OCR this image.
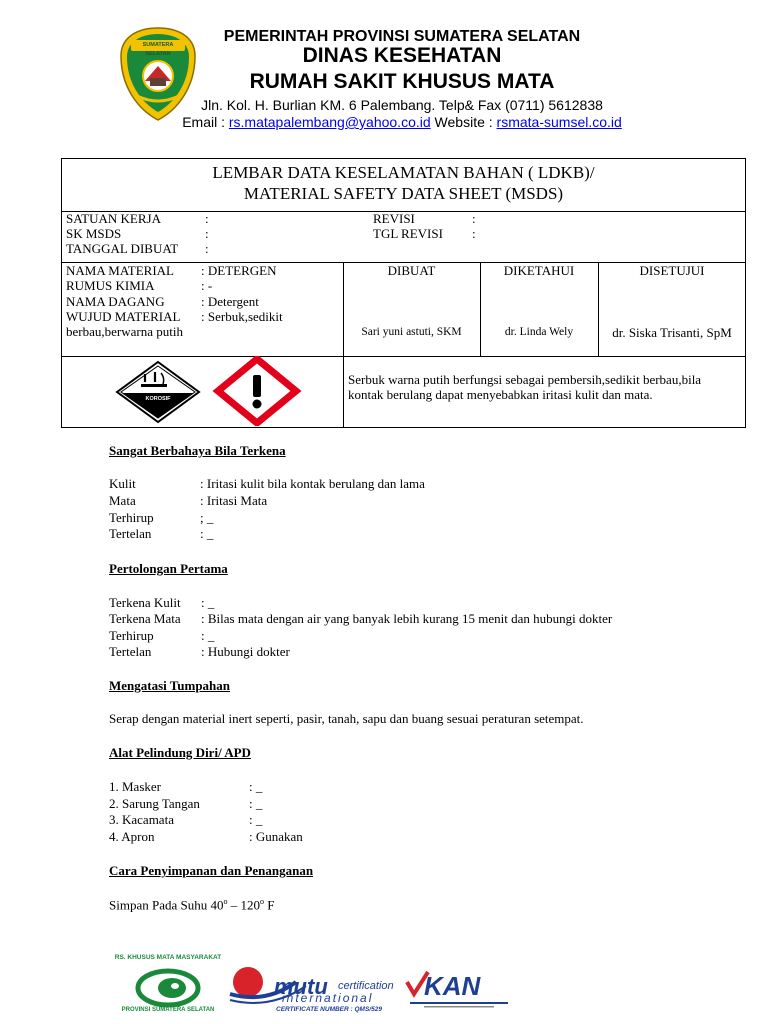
SUMATERA SELATAN
PEMERINTAH PROVINSI SUMATERA SELATAN
DINAS KESEHATAN
RUMAH SAKIT KHUSUS MATA
Jln. Kol. H. Burlian KM. 6 Palembang. Telp& Fax (0711) 5612838
Email : rs.matapalembang@yahoo.co.id Website : rsmata-sumsel.co.id
LEMBAR DATA KESELAMATAN BAHAN ( LDKB)/
MATERIAL SAFETY DATA SHEET (MSDS)
SATUAN KERJA	:
SK MSDS	:
TANGGAL DIBUAT :
REVISI	:
TGL REVISI :
NAMA MATERIAL : DETERGEN
RUMUS KIMIA	: -
NAMA DAGANG	: Detergent
WUJUD MATERIAL : Serbuk,sedikit
berbau,berwarna putih
DIBUAT	DIKETAHUI	DISETUJUI
Sari yuni astuti, SKM	dr. Linda Wely	dr. Siska Trisanti, SpM
KOROSIF
Serbuk warna putih berfungsi sebagai pembersih,sedikit berbau,bila
kontak berulang dapat menyebabkan iritasi kulit dan mata.
Sangat Berbahaya Bila Terkena
Kulit	: Iritasi kulit bila kontak berulang dan lama
Mata	: Iritasi Mata
Terhirup	; _
Tertelan	: _
Pertolongan Pertama
Terkena Kulit : _
Terkena Mata : Bilas mata dengan air yang banyak lebih kurang 15 menit dan hubungi dokter
Terhirup	: _
Tertelan	: Hubungi dokter
Mengatasi Tumpahan
Serap dengan material inert seperti, pasir, tanah, sapu dan buang sesuai peraturan setempat.
Alat Pelindung Diri/ APD
1. Masker	: _
2. Sarung Tangan	: _
3. Kacamata	: _
4. Apron	: Gunakan
Cara Penyimpanan dan Penanganan
Simpan Pada Suhu 40$^o$ – 120$^o$ F
RS. KHUSUS MATA MASYARAKAT
PROVINSI SUMATERA SELATAN
mutu certification
international
CERTIFICATE NUMBER : QMS/529
KAN
